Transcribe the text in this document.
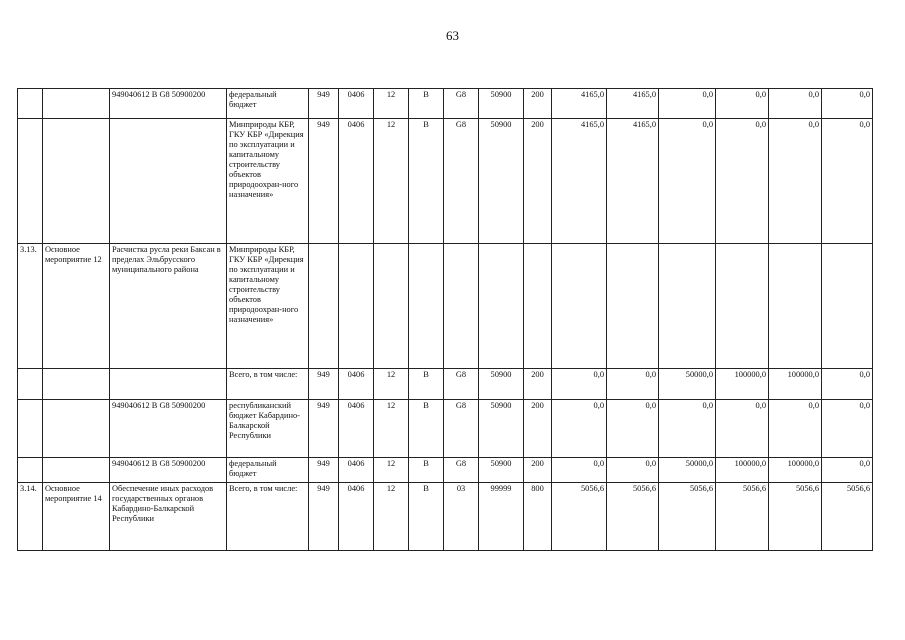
63
		949040612 В G8 50900200	федеральный бюджет	949	0406	12	В	G8	50900	200	4165,0	4165,0	0,0	0,0	0,0	0,0
			Минприроды КБР, ГКУ КБР «Дирекция по эксплуатации и капитальному строительству объектов природоохран-ного назначения»	949	0406	12	В	G8	50900	200	4165,0	4165,0	0,0	0,0	0,0	0,0
3.13.	Основное мероприятие 12	Расчистка русла реки Баксан в пределах Эльбрусского муниципального района	Минприроды КБР, ГКУ КБР «Дирекция по эксплуатации и капитальному строительству объектов природоохран-ного назначения»													
			Всего, в том числе:	949	0406	12	В	G8	50900	200	0,0	0,0	50000,0	100000,0	100000,0	0,0
		949040612 В G8 50900200	республиканский бюджет Кабардино-Балкарской Республики	949	0406	12	В	G8	50900	200	0,0	0,0	0,0	0,0	0,0	0,0
		949040612 В G8 50900200	федеральный бюджет	949	0406	12	В	G8	50900	200	0,0	0,0	50000,0	100000,0	100000,0	0,0
3.14.	Основное мероприятие 14	Обеспечение иных расходов государственных органов Кабардино-Балкарской Республики	Всего, в том числе:	949	0406	12	В	03	99999	800	5056,6	5056,6	5056,6	5056,6	5056,6	5056,6
